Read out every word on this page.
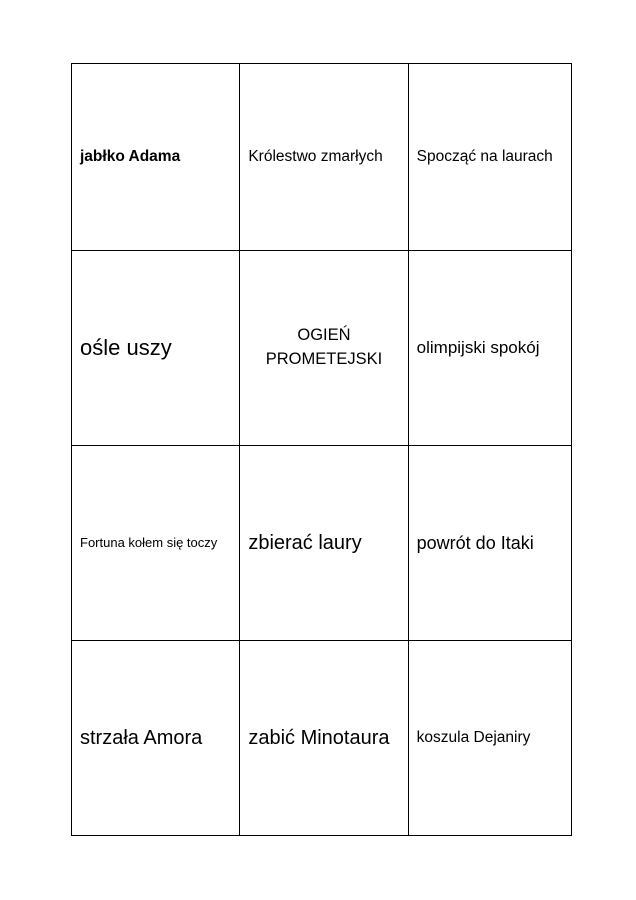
jabłko Adama	Królestwo zmarłych	Spocząć na laurach
ośle uszy	OGIEŃ PROMETEJSKI	olimpijski spokój
Fortuna kołem się toczy	zbierać laury	powrót do Itaki
strzała Amora	zabić Minotaura	koszula Dejaniry
